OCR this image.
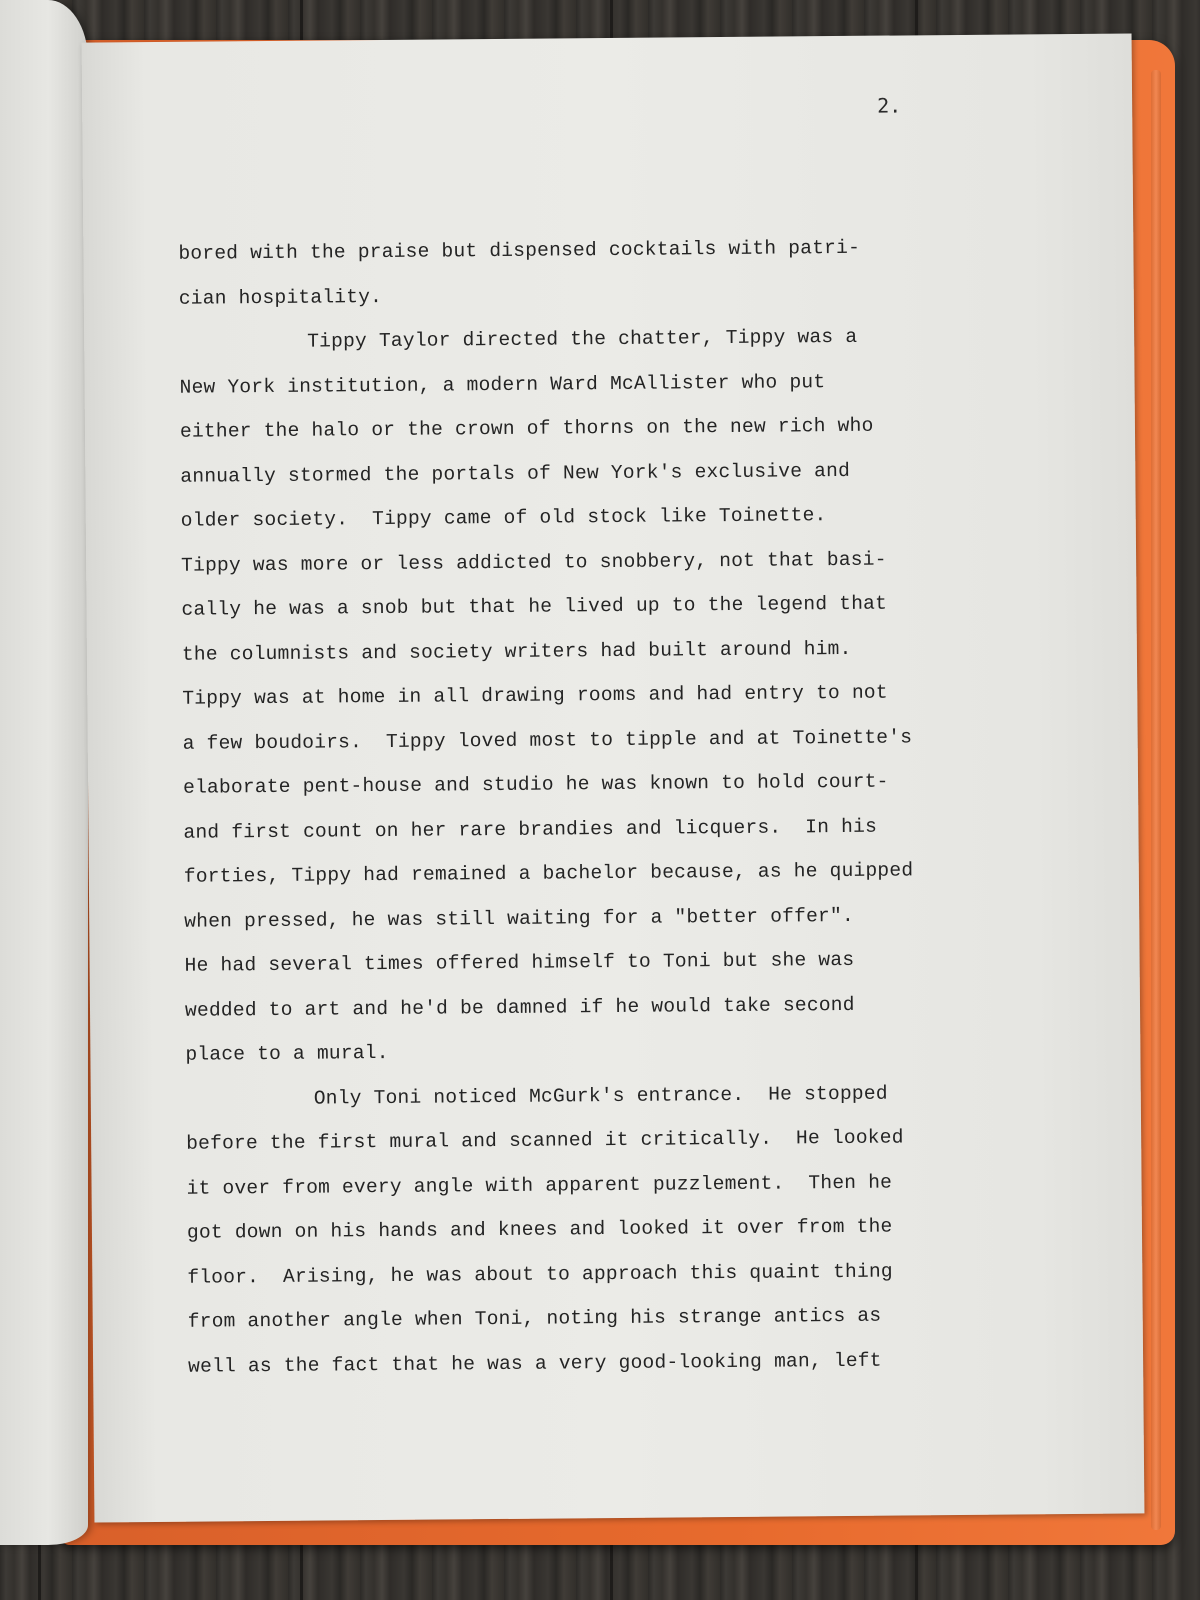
2.

bored with the praise but dispensed cocktails with patri-
cian hospitality.
Tippy Taylor directed the chatter, Tippy was a
New York institution, a modern Ward McAllister who put
either the halo or the crown of thorns on the new rich who
annually stormed the portals of New York's exclusive and
older society.  Tippy came of old stock like Toinette.
Tippy was more or less addicted to snobbery, not that basi-
cally he was a snob but that he lived up to the legend that
the columnists and society writers had built around him.
Tippy was at home in all drawing rooms and had entry to not
a few boudoirs.  Tippy loved most to tipple and at Toinette's
elaborate pent-house and studio he was known to hold court-
and first count on her rare brandies and licquers.  In his
forties, Tippy had remained a bachelor because, as he quipped
when pressed, he was still waiting for a "better offer".
He had several times offered himself to Toni but she was
wedded to art and he'd be damned if he would take second
place to a mural.
Only Toni noticed McGurk's entrance.  He stopped
before the first mural and scanned it critically.  He looked
it over from every angle with apparent puzzlement.  Then he
got down on his hands and knees and looked it over from the
floor.  Arising, he was about to approach this quaint thing
from another angle when Toni, noting his strange antics as
well as the fact that he was a very good-looking man, left
